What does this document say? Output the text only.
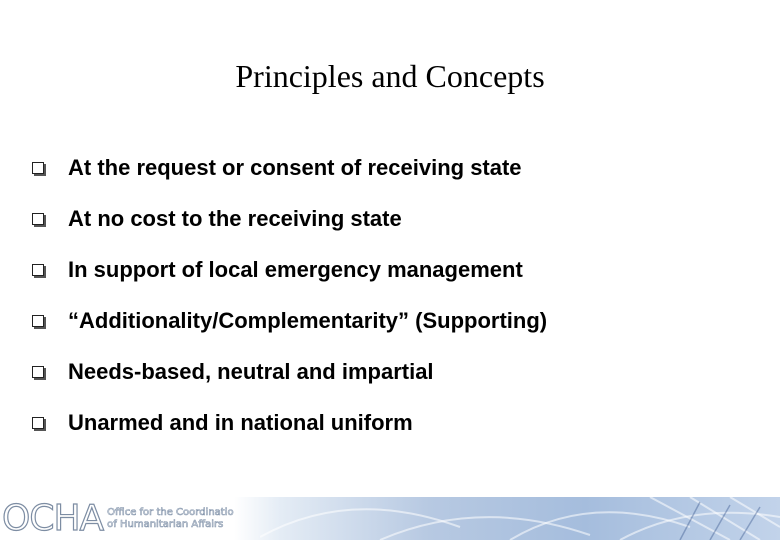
Principles and Concepts
At the request or consent of receiving state
At no cost to the receiving state
In support of local emergency management
“Additionality/Complementarity” (Supporting)
Needs-based, neutral and impartial
Unarmed and in national uniform
OCHA Office for the Coordinatio
of Humanitarian Affairs
